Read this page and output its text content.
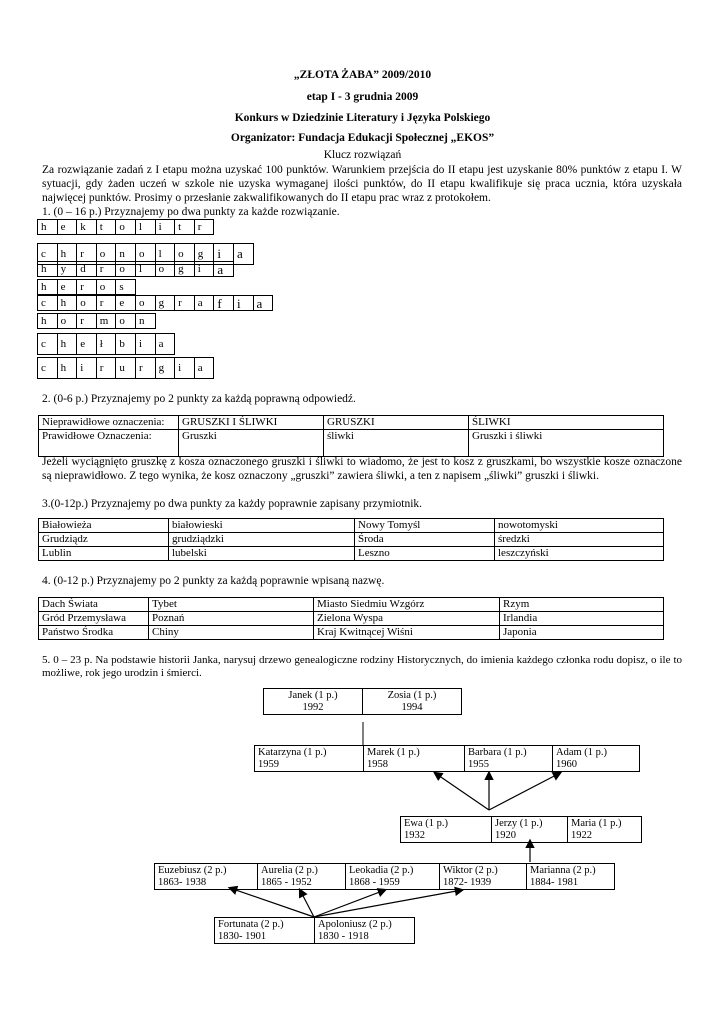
„ZŁOTA ŻABA” 2009/2010
etap I - 3 grudnia 2009
Konkurs w Dziedzinie Literatury i Języka Polskiego
Organizator: Fundacja Edukacji Społecznej „EKOS”
Klucz rozwiązań
Za rozwiązanie zadań z I etapu można uzyskać 100 punktów. Warunkiem przejścia do II etapu jest uzyskanie 80% punktów z etapu I. W sytuacji, gdy żaden uczeń w szkole nie uzyska wymaganej ilości punktów, do II etapu kwalifikuje się praca ucznia, która uzyskała najwięcej punktów. Prosimy o przesłanie zakwalifikowanych do II etapu prac wraz z protokołem.
1. (0 – 16 p.) Przyznajemy po dwa punkty za każde rozwiązanie.
h	e	k	t	o	l	i	t	r
c	h	r	o	n	o	l	o	g	i	a
h	y	d	r	o	l	o	g	i	a
h	e	r	o	s
c	h	o	r	e	o	g	r	a	f	i	a
h	o	r	m	o	n
c	h	e	ł	b	i	a
c	h	i	r	u	r	g	i	a
2. (0-6 p.) Przyznajemy po 2 punkty za każdą poprawną odpowiedź.
Nieprawidłowe oznaczenia:	GRUSZKI I ŚLIWKI	GRUSZKI	ŚLIWKI
Prawidłowe Oznaczenia:	Gruszki	śliwki	Gruszki i śliwki
Jeżeli wyciągnięto gruszkę z kosza oznaczonego gruszki i śliwki to wiadomo, że jest to kosz z gruszkami, bo wszystkie kosze oznaczone są nieprawidłowo. Z tego wynika, że kosz oznaczony „gruszki” zawiera śliwki, a ten z napisem „śliwki” gruszki i śliwki.
3.(0-12p.) Przyznajemy po dwa punkty za każdy poprawnie zapisany przymiotnik.
Białowieża	białowieski	Nowy Tomyśl	nowotomyski
Grudziądz	grudziądzki	Środa	średzki
Lublin	lubelski	Leszno	leszczyński
4. (0-12 p.) Przyznajemy po 2 punkty za każdą poprawnie wpisaną nazwę.
Dach Świata	Tybet	Miasto Siedmiu Wzgórz	Rzym
Gród Przemysława	Poznań	Zielona Wyspa	Irlandia
Państwo Środka	Chiny	Kraj Kwitnącej Wiśni	Japonia
5. 0 – 23 p. Na podstawie historii Janka, narysuj drzewo genealogiczne rodziny Historycznych, do imienia każdego członka rodu dopisz, o ile to możliwe, rok jego urodzin i śmierci.
Janek (1 p.)
1992
Zosia (1 p.)
1994
Katarzyna (1 p.)
1959
Marek (1 p.)
1958
Barbara (1 p.)
1955
Adam (1 p.)
1960
Ewa (1 p.)
1932
Jerzy (1 p.)
1920
Maria (1 p.)
1922
Euzebiusz (2 p.)
1863- 1938
Aurelia (2 p.)
1865 - 1952
Leokadia (2 p.)
1868 - 1959
Wiktor (2 p.)
1872- 1939
Marianna (2 p.)
1884- 1981
Fortunata (2 p.)
1830- 1901
Apoloniusz (2 p.)
1830 - 1918
